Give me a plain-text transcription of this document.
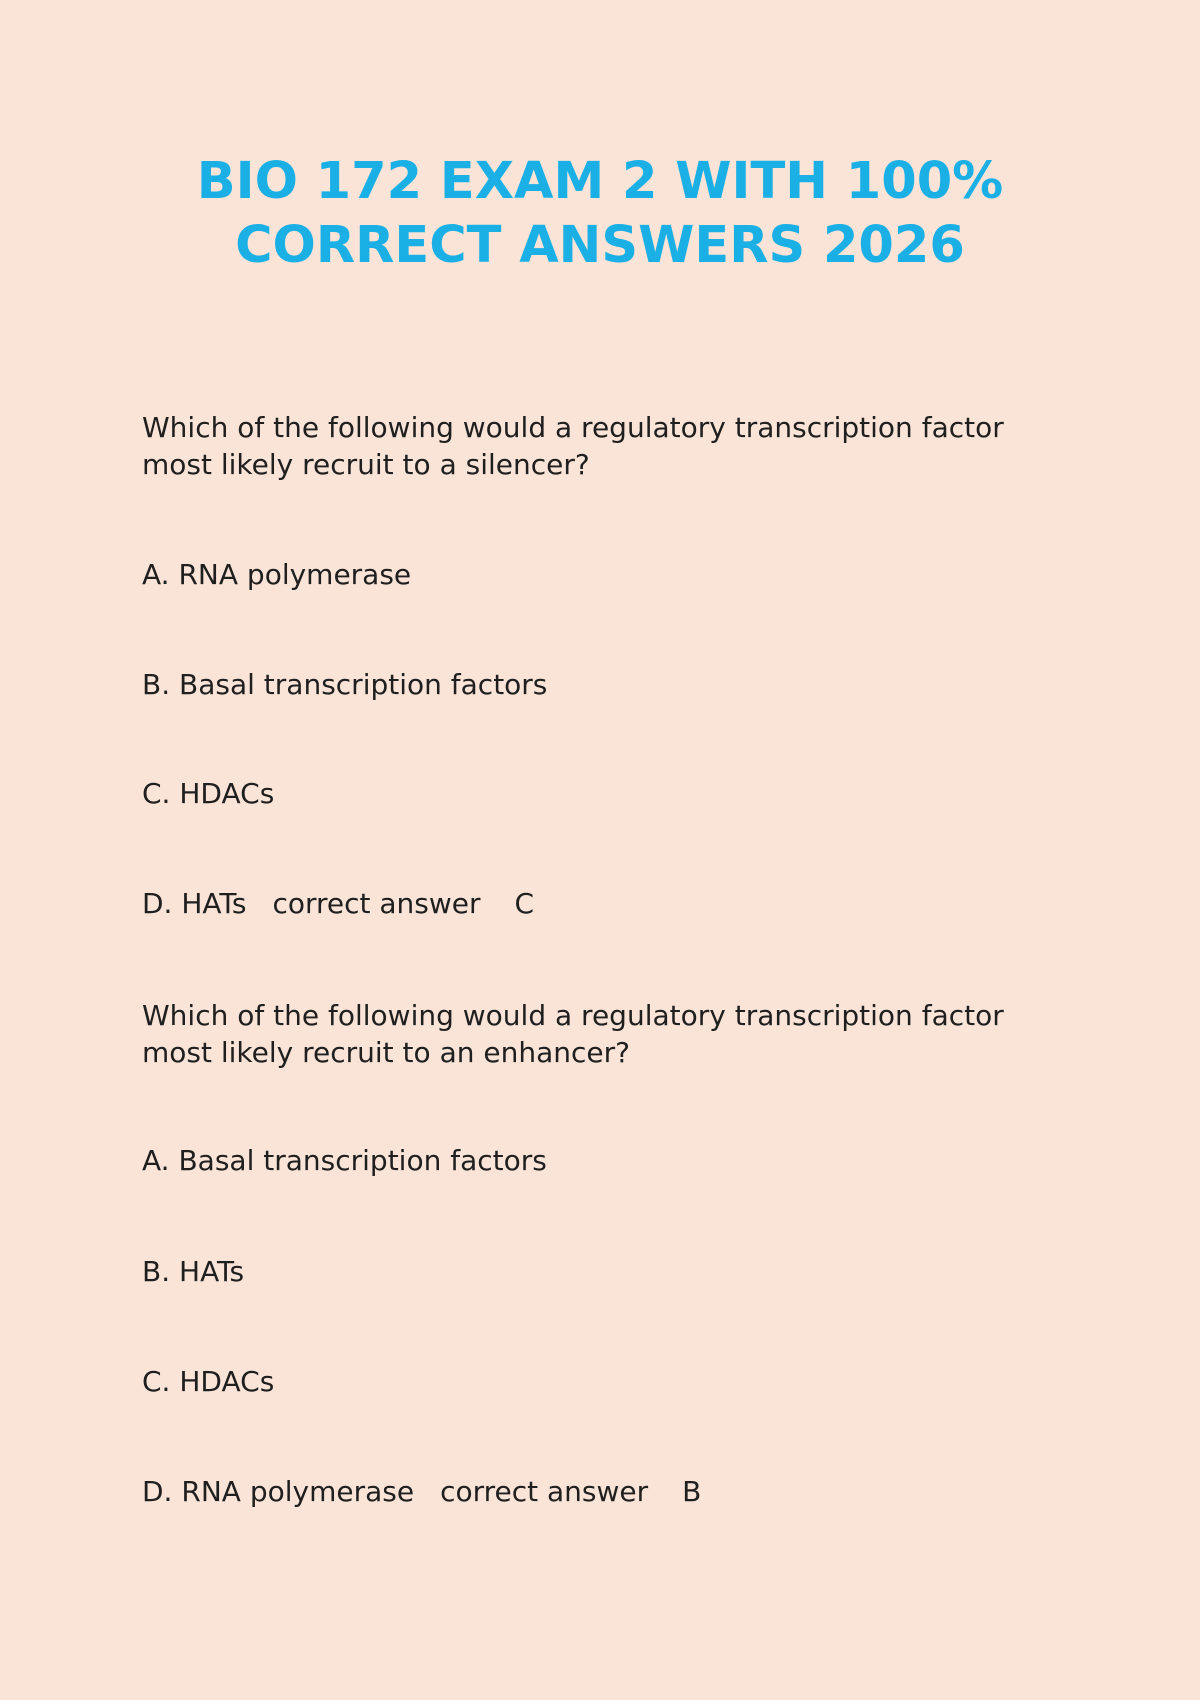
BIO 172 EXAM 2 WITH 100%
CORRECT ANSWERS 2026
Which of the following would a regulatory transcription factor
most likely recruit to a silencer?
A. RNA polymerase
B. Basal transcription factors
C. HDACs
D. HATs correct answer C
Which of the following would a regulatory transcription factor
most likely recruit to an enhancer?
A. Basal transcription factors
B. HATs
C. HDACs
D. RNA polymerase correct answer B
